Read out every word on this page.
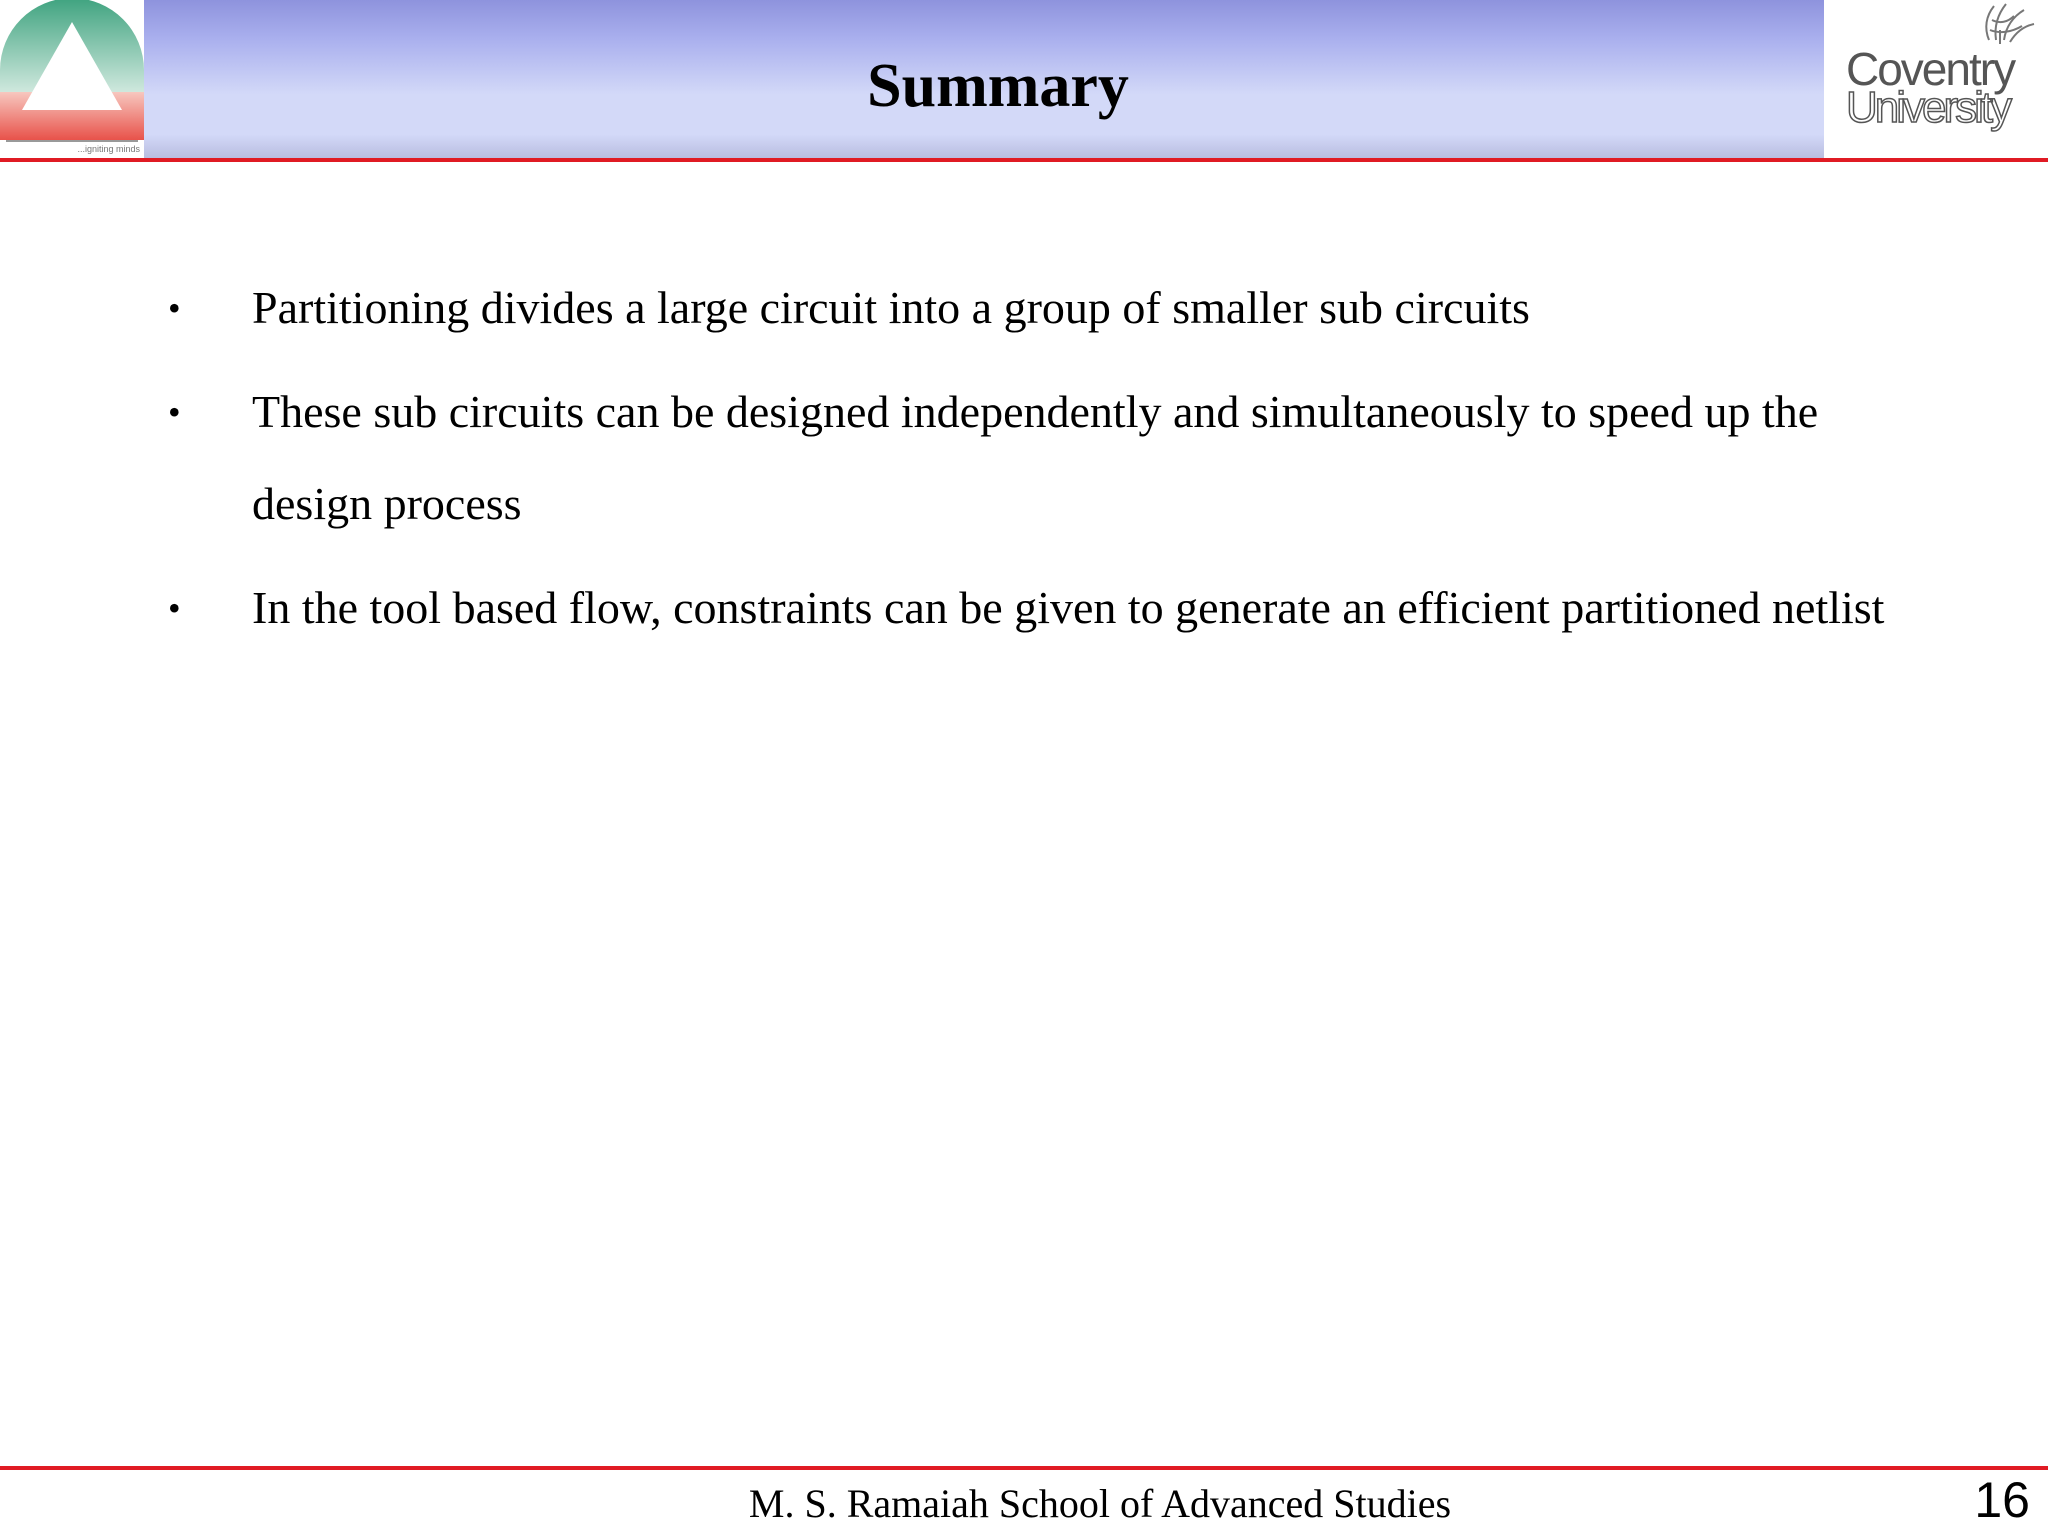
...igniting minds
Summary	Coventry
University
•	Partitioning divides a large circuit into a group of smaller sub circuits
•	These sub circuits can be designed independently and simultaneously to speed up the design process
•	In the tool based flow, constraints can be given to generate an efficient partitioned netlist
M. S. Ramaiah School of Advanced Studies	16
